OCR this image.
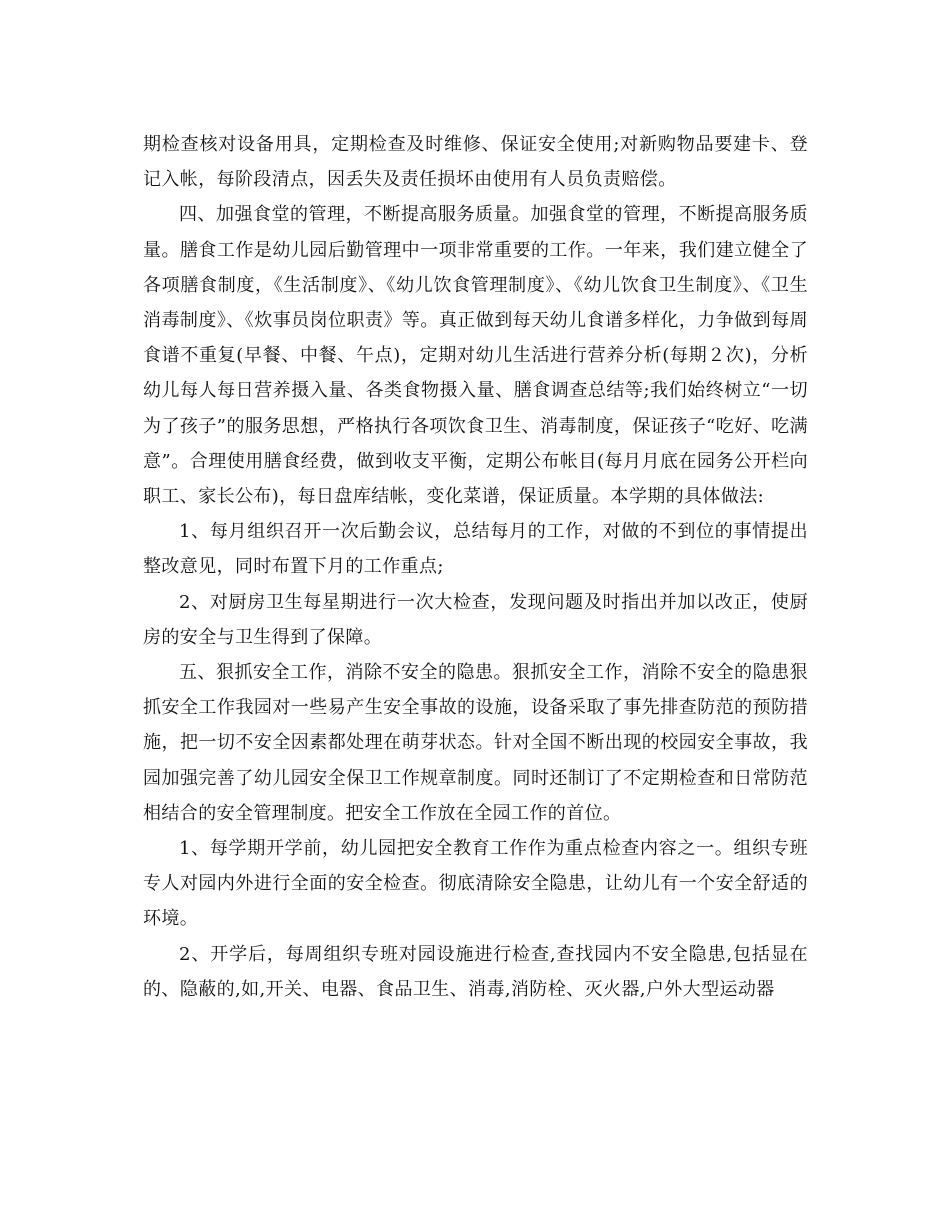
期检查核对设备用具，定期检查及时维修、保证安全使用;对新购物品要建卡、登记入帐，每阶段清点，因丢失及责任损坏由使用有人员负责赔偿。

四、加强食堂的管理，不断提高服务质量。加强食堂的管理，不断提高服务质量。膳食工作是幼儿园后勤管理中一项非常重要的工作。一年来，我们建立健全了各项膳食制度，《生活制度》、《幼儿饮食管理制度》、《幼儿饮食卫生制度》、《卫生消毒制度》、《炊事员岗位职责》等。真正做到每天幼儿食谱多样化，力争做到每周食谱不重复(早餐、中餐、午点)，定期对幼儿生活进行营养分析(每期２次)，分析幼儿每人每日营养摄入量、各类食物摄入量、膳食调查总结等;我们始终树立“一切为了孩子”的服务思想，严格执行各项饮食卫生、消毒制度，保证孩子“吃好、吃满意”。合理使用膳食经费，做到收支平衡，定期公布帐目(每月月底在园务公开栏向职工、家长公布)，每日盘库结帐，变化菜谱，保证质量。本学期的具体做法:

1、每月组织召开一次后勤会议，总结每月的工作，对做的不到位的事情提出整改意见，同时布置下月的工作重点;

2、对厨房卫生每星期进行一次大检查，发现问题及时指出并加以改正，使厨房的安全与卫生得到了保障。

五、狠抓安全工作，消除不安全的隐患。狠抓安全工作，消除不安全的隐患狠抓安全工作我园对一些易产生安全事故的设施，设备采取了事先排查防范的预防措施，把一切不安全因素都处理在萌芽状态。针对全国不断出现的校园安全事故，我园加强完善了幼儿园安全保卫工作规章制度。同时还制订了不定期检查和日常防范相结合的安全管理制度。把安全工作放在全园工作的首位。

1、每学期开学前，幼儿园把安全教育工作作为重点检查内容之一。组织专班专人对园内外进行全面的安全检查。彻底清除安全隐患，让幼儿有一个安全舒适的环境。

2、开学后，每周组织专班对园设施进行检查,查找园内不安全隐患,包括显在的、隐蔽的,如,开关、电器、食品卫生、消毒,消防栓、灭火器,户外大型运动器
